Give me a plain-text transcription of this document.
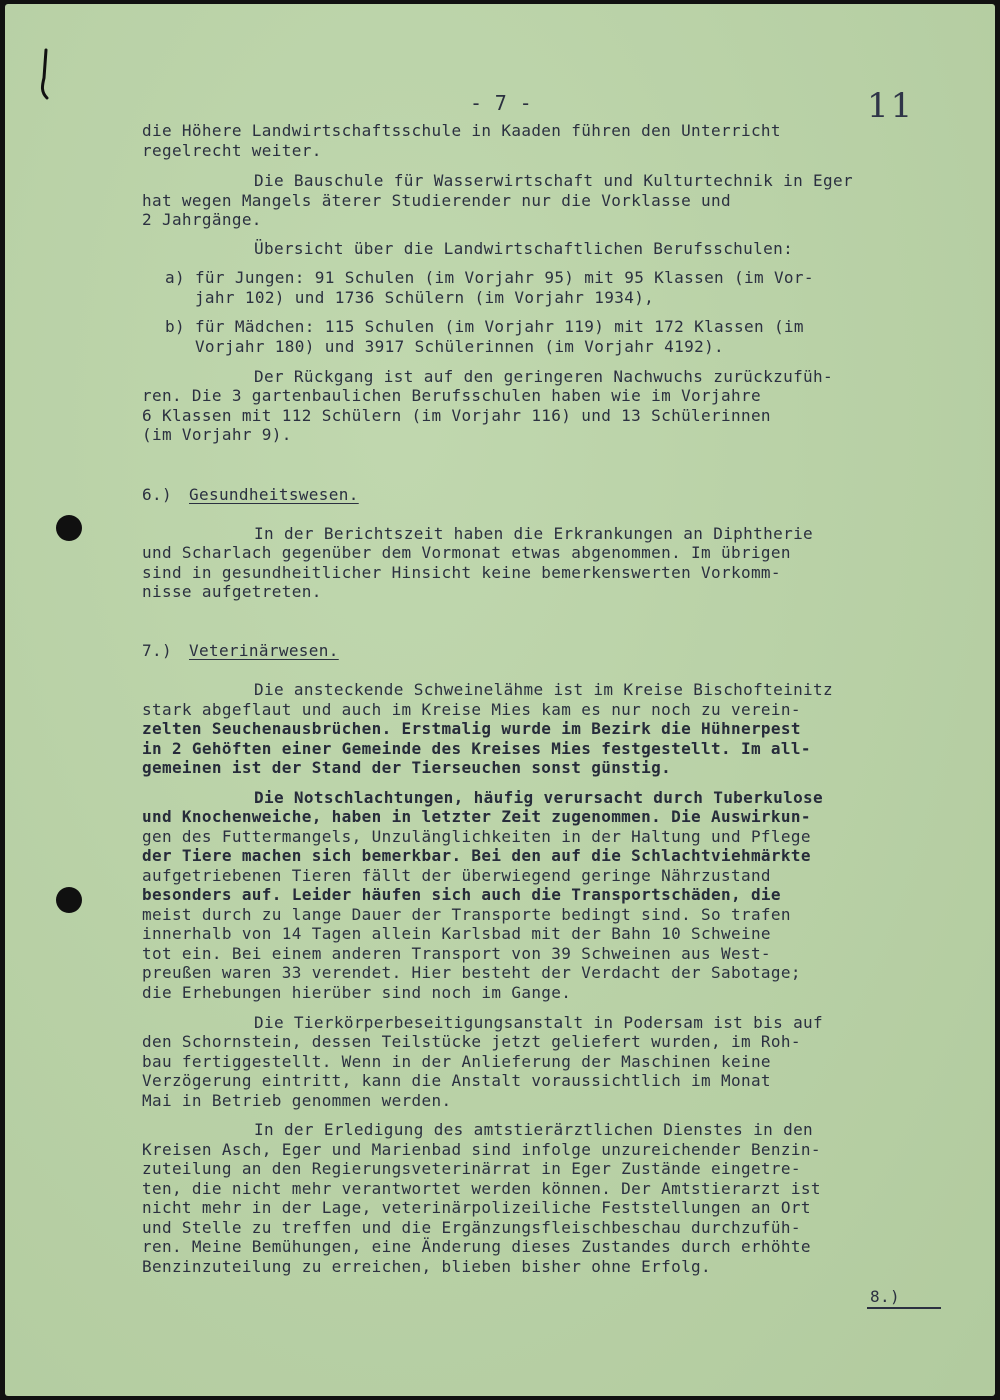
- 7 -	11
die Höhere Landwirtschaftsschule in Kaaden führen den Unterricht
regelrecht weiter.
Die Bauschule für Wasserwirtschaft und Kulturtechnik in Eger
hat wegen Mangels äterer Studierender nur die Vorklasse und
2 Jahrgänge.
Übersicht über die Landwirtschaftlichen Berufsschulen:
a) für Jungen: 91 Schulen (im Vorjahr 95) mit 95 Klassen (im Vor-
jahr 102) und 1736 Schülern (im Vorjahr 1934),
b) für Mädchen: 115 Schulen (im Vorjahr 119) mit 172 Klassen (im
Vorjahr 180) und 3917 Schülerinnen (im Vorjahr 4192).
Der Rückgang ist auf den geringeren Nachwuchs zurückzufüh-
ren. Die 3 gartenbaulichen Berufsschulen haben wie im Vorjahre
6 Klassen mit 112 Schülern (im Vorjahr 116) und 13 Schülerinnen
(im Vorjahr 9).
6.) Gesundheitswesen.
In der Berichtszeit haben die Erkrankungen an Diphtherie
und Scharlach gegenüber dem Vormonat etwas abgenommen. Im übrigen
sind in gesundheitlicher Hinsicht keine bemerkenswerten Vorkomm-
nisse aufgetreten.
7.) Veterinärwesen.
Die ansteckende Schweinelähme ist im Kreise Bischofteinitz
stark abgeflaut und auch im Kreise Mies kam es nur noch zu verein-
zelten Seuchenausbrüchen. Erstmalig wurde im Bezirk die Hühnerpest
in 2 Gehöften einer Gemeinde des Kreises Mies festgestellt. Im all-
gemeinen ist der Stand der Tierseuchen sonst günstig.
Die Notschlachtungen, häufig verursacht durch Tuberkulose
und Knochenweiche, haben in letzter Zeit zugenommen. Die Auswirkun-
gen des Futtermangels, Unzulänglichkeiten in der Haltung und Pflege
der Tiere machen sich bemerkbar. Bei den auf die Schlachtviehmärkte
aufgetriebenen Tieren fällt der überwiegend geringe Nährzustand
besonders auf. Leider häufen sich auch die Transportschäden, die
meist durch zu lange Dauer der Transporte bedingt sind. So trafen
innerhalb von 14 Tagen allein Karlsbad mit der Bahn 10 Schweine
tot ein. Bei einem anderen Transport von 39 Schweinen aus West-
preußen waren 33 verendet. Hier besteht der Verdacht der Sabotage;
die Erhebungen hierüber sind noch im Gange.
Die Tierkörperbeseitigungsanstalt in Podersam ist bis auf
den Schornstein, dessen Teilstücke jetzt geliefert wurden, im Roh-
bau fertiggestellt. Wenn in der Anlieferung der Maschinen keine
Verzögerung eintritt, kann die Anstalt voraussichtlich im Monat
Mai in Betrieb genommen werden.
In der Erledigung des amtstierärztlichen Dienstes in den
Kreisen Asch, Eger und Marienbad sind infolge unzureichender Benzin-
zuteilung an den Regierungsveterinärrat in Eger Zustände eingetre-
ten, die nicht mehr verantwortet werden können. Der Amtstierarzt ist
nicht mehr in der Lage, veterinärpolizeiliche Feststellungen an Ort
und Stelle zu treffen und die Ergänzungsfleischbeschau durchzufüh-
ren. Meine Bemühungen, eine Änderung dieses Zustandes durch erhöhte
Benzinzuteilung zu erreichen, blieben bisher ohne Erfolg.
8.)
